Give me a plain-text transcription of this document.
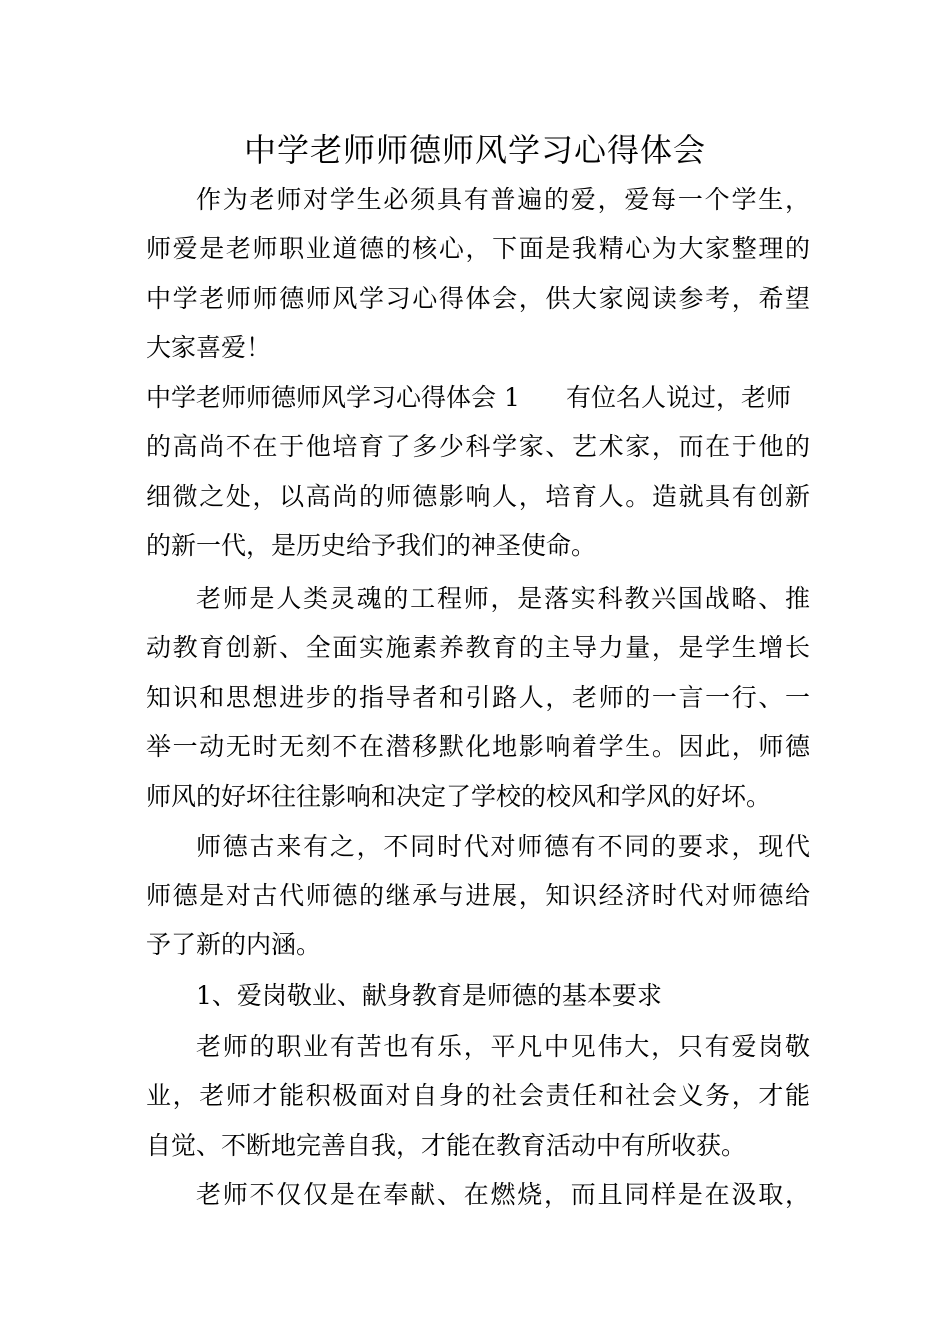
中学老师师德师风学习心得体会
作为老师对学生必须具有普遍的爱，爱每一个学生，
师爱是老师职业道德的核心，下面是我精心为大家整理的
中学老师师德师风学习心得体会，供大家阅读参考，希望
大家喜爱！
中学老师师德师风学习心得体会 1 有位名人说过，老师
的高尚不在于他培育了多少科学家、艺术家，而在于他的
细微之处，以高尚的师德影响人，培育人。造就具有创新
的新一代，是历史给予我们的神圣使命。
老师是人类灵魂的工程师，是落实科教兴国战略、推
动教育创新、全面实施素养教育的主导力量，是学生增长
知识和思想进步的指导者和引路人，老师的一言一行、一
举一动无时无刻不在潜移默化地影响着学生。因此，师德
师风的好坏往往影响和决定了学校的校风和学风的好坏。
师德古来有之，不同时代对师德有不同的要求，现代
师德是对古代师德的继承与进展，知识经济时代对师德给
予了新的内涵。
1、爱岗敬业、献身教育是师德的基本要求
老师的职业有苦也有乐，平凡中见伟大，只有爱岗敬
业，老师才能积极面对自身的社会责任和社会义务，才能
自觉、不断地完善自我，才能在教育活动中有所收获。
老师不仅仅是在奉献、在燃烧，而且同样是在汲取，
